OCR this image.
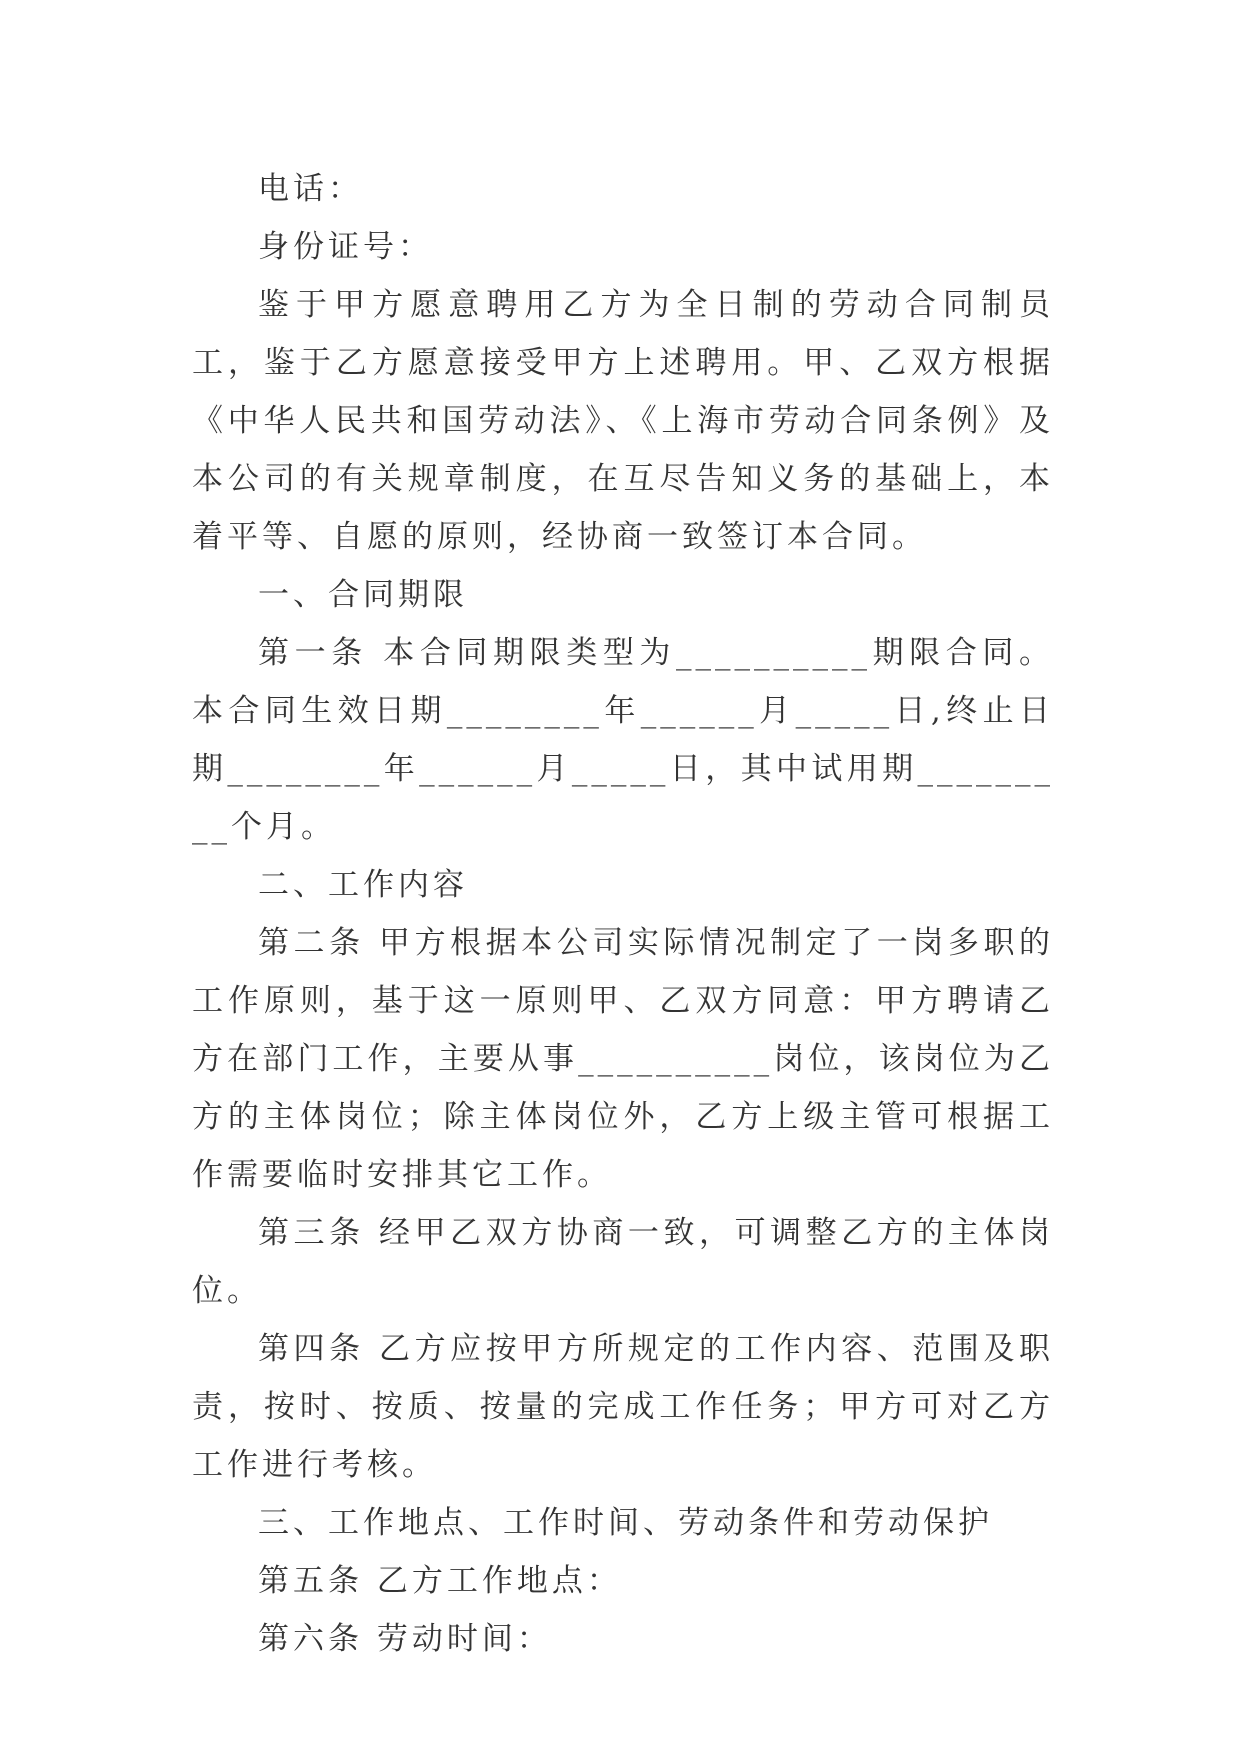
电话：

身份证号：

鉴于甲方愿意聘用乙方为全日制的劳动合同制员工，鉴于乙方愿意接受甲方上述聘用。甲、乙双方根据《中华人民共和国劳动法》、《上海市劳动合同条例》及本公司的有关规章制度，在互尽告知义务的基础上，本着平等、自愿的原则，经协商一致签订本合同。

一、合同期限

第一条 本合同期限类型为__________期限合同。本合同生效日期________年______月_____日,终止日期________年______月_____日，其中试用期_________个月。

二、工作内容

第二条 甲方根据本公司实际情况制定了一岗多职的工作原则，基于这一原则甲、乙双方同意：甲方聘请乙方在部门工作，主要从事__________岗位，该岗位为乙方的主体岗位；除主体岗位外，乙方上级主管可根据工作需要临时安排其它工作。

第三条 经甲乙双方协商一致，可调整乙方的主体岗位。

第四条 乙方应按甲方所规定的工作内容、范围及职责，按时、按质、按量的完成工作任务；甲方可对乙方工作进行考核。

三、工作地点、工作时间、劳动条件和劳动保护

第五条 乙方工作地点：

第六条 劳动时间：
